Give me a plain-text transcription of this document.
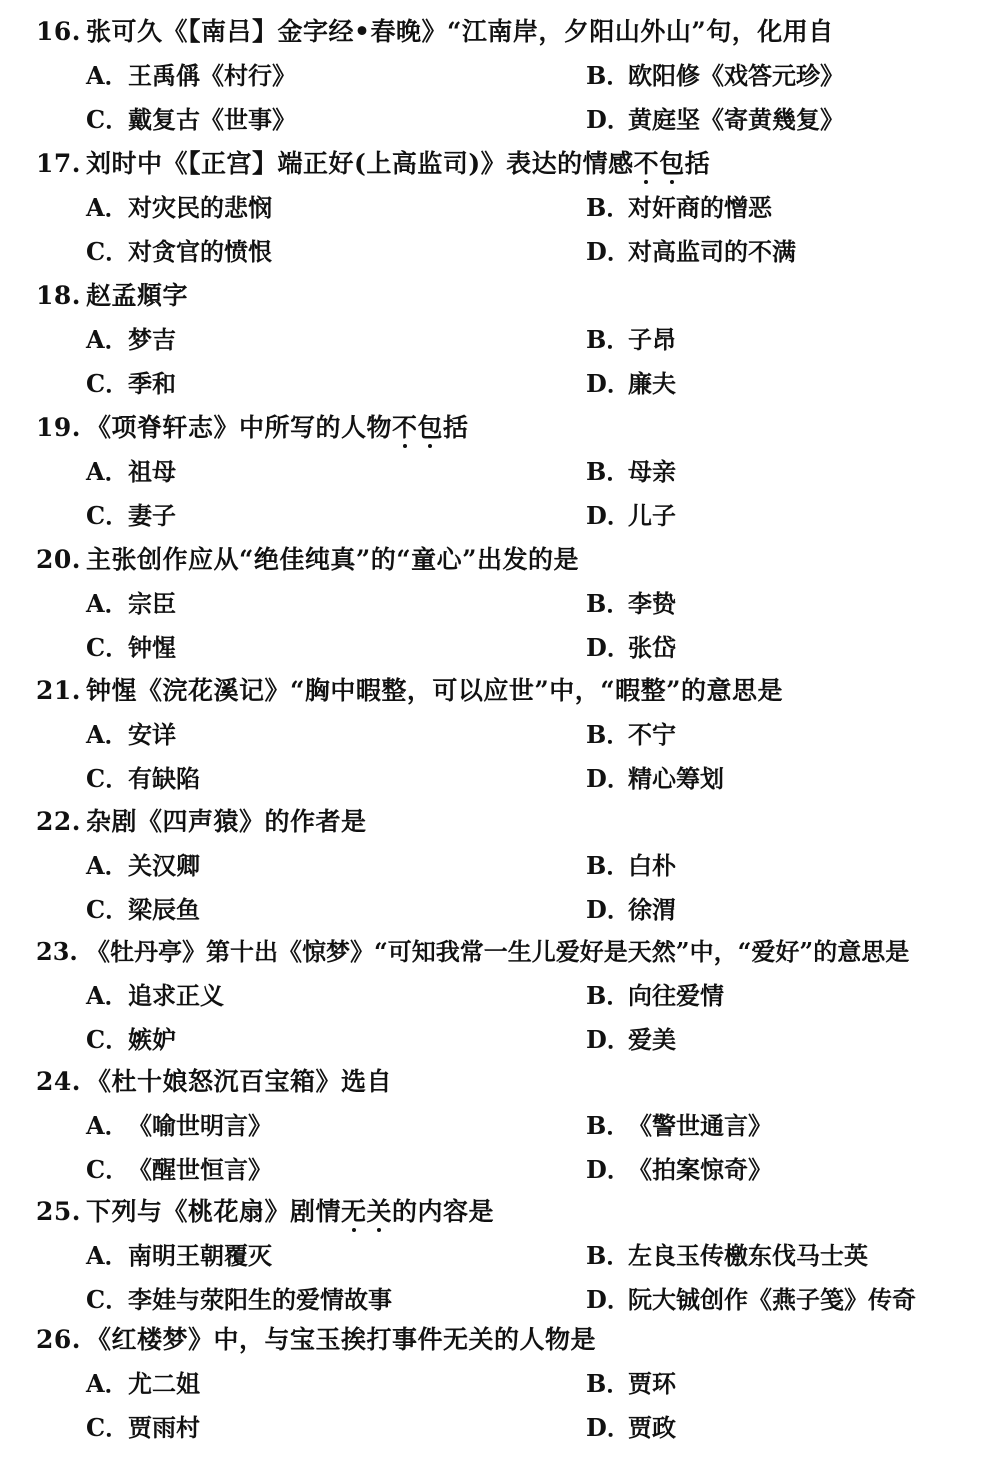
16. 张可久《【南吕】金字经•春晚》“江南岸，夕阳山外山”句，化用自
A．王禹偁《村行》	B．欧阳修《戏答元珍》
C．戴复古《世事》	D．黄庭坚《寄黄幾复》
17. 刘时中《【正宫】端正好(上高监司)》表达的情感不包括
A．对灾民的悲悯	B．对奸商的憎恶
C．对贪官的愤恨	D．对高监司的不满
18. 赵孟頫字
A．梦吉	B．子昂
C．季和	D．廉夫
19. 《项脊轩志》中所写的人物不包括
A．祖母	B．母亲
C．妻子	D．儿子
20. 主张创作应从“绝佳纯真”的“童心”出发的是
A．宗臣	B．李贽
C．钟惺	D．张岱
21. 钟惺《浣花溪记》“胸中暇整，可以应世”中，“暇整”的意思是
A．安详	B．不宁
C．有缺陷	D．精心筹划
22. 杂剧《四声猿》的作者是
A．关汉卿	B．白朴
C．梁辰鱼	D．徐渭
23. 《牡丹亭》第十出《惊梦》“可知我常一生儿爱好是天然”中，“爱好”的意思是
A．追求正义	B．向往爱情
C．嫉妒	D．爱美
24. 《杜十娘怒沉百宝箱》选自
A．《喻世明言》	B．《警世通言》
C．《醒世恒言》	D．《拍案惊奇》
25. 下列与《桃花扇》剧情无关的内容是
A．南明王朝覆灭	B．左良玉传檄东伐马士英
C．李娃与荥阳生的爱情故事	D．阮大铖创作《燕子笺》传奇
26. 《红楼梦》中，与宝玉挨打事件无关的人物是
A．尤二姐	B．贾环
C．贾雨村	D．贾政
